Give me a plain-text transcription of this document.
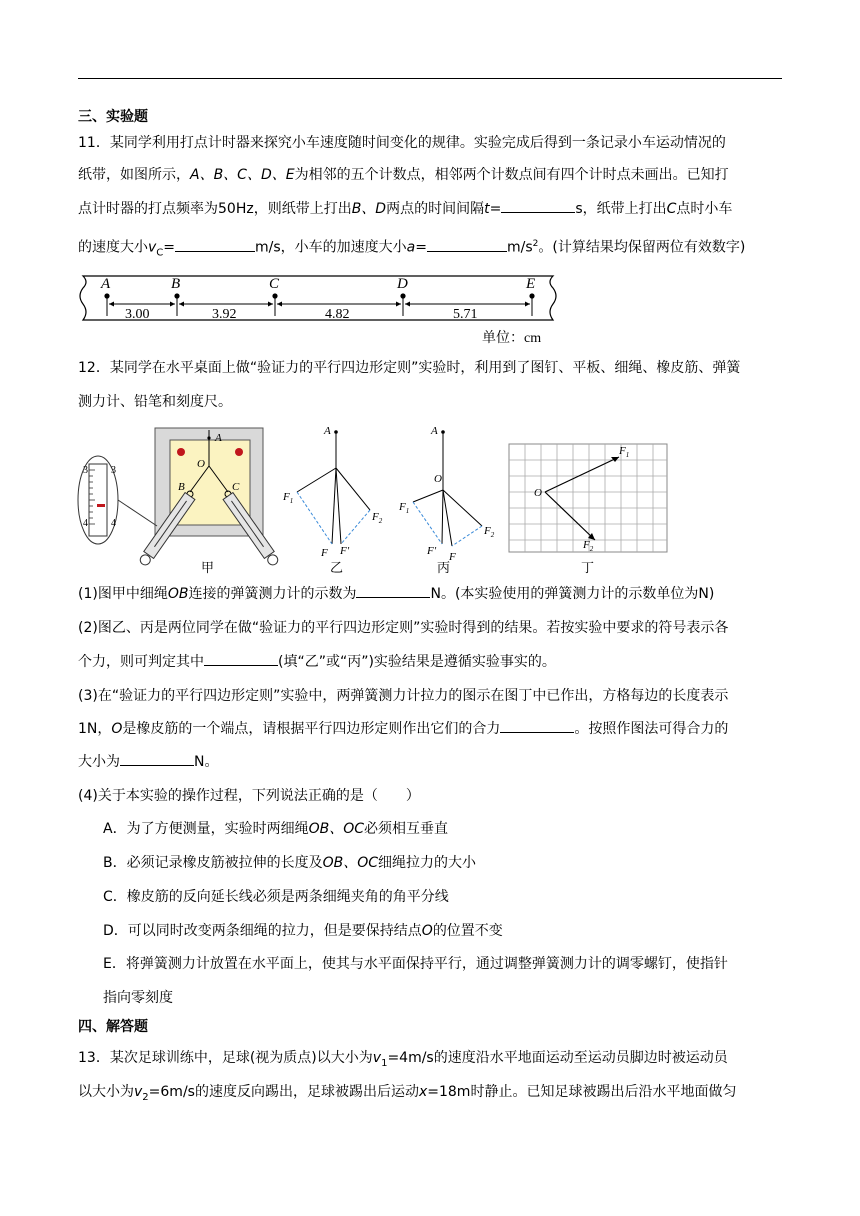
三、实验题
11．某同学利用打点计时器来探究小车速度随时间变化的规律。实验完成后得到一条记录小车运动情况的
纸带，如图所示，A、B、C、D、E为相邻的五个计数点，相邻两个计数点间有四个计时点未画出。已知打
点计时器的打点频率为50Hz，则纸带上打出B、D两点的时间间隔t=	s，纸带上打出C点时小车
的速度大小$v_C=$	m/s，小车的加速度大小a=	$m/s^2$。(计算结果均保留两位有效数字)
A	B	C	D	E
3.00	3.92	4.82	5.71
单位：cm
12．某同学在水平桌面上做“验证力的平行四边形定则”实验时，利用到了图钉、平板、细绳、橡皮筋、弹簧
测力计、铅笔和刻度尺。
A
O
B	C
3 3
4 4
甲
A
$F_1$
$F_2$
F F′
乙
A
O
$F_1$
$F_2$
F′ F
丙
O
$F_1$
$F_2$
丁
(1)图甲中细绳OB连接的弹簧测力计的示数为	N。(本实验使用的弹簧测力计的示数单位为N)
(2)图乙、丙是两位同学在做“验证力的平行四边形定则”实验时得到的结果。若按实验中要求的符号表示各
个力，则可判定其中	(填“乙”或“丙”)实验结果是遵循实验事实的。
(3)在“验证力的平行四边形定则”实验中，两弹簧测力计拉力的图示在图丁中已作出，方格每边的长度表示
1N，O是橡皮筋的一个端点，请根据平行四边形定则作出它们的合力	。按照作图法可得合力的
大小为	N。
(4)关于本实验的操作过程，下列说法正确的是（　　）
A．为了方便测量，实验时两细绳OB、OC必须相互垂直
B．必须记录橡皮筋被拉伸的长度及OB、OC细绳拉力的大小
C．橡皮筋的反向延长线必须是两条细绳夹角的角平分线
D．可以同时改变两条细绳的拉力，但是要保持结点O的位置不变
E．将弹簧测力计放置在水平面上，使其与水平面保持平行，通过调整弹簧测力计的调零螺钉，使指针
指向零刻度
四、解答题
13．某次足球训练中，足球(视为质点)以大小为$v_1=4m/s$的速度沿水平地面运动至运动员脚边时被运动员
以大小为$v_2=6m/s$的速度反向踢出，足球被踢出后运动x=18m时静止。已知足球被踢出后沿水平地面做匀
